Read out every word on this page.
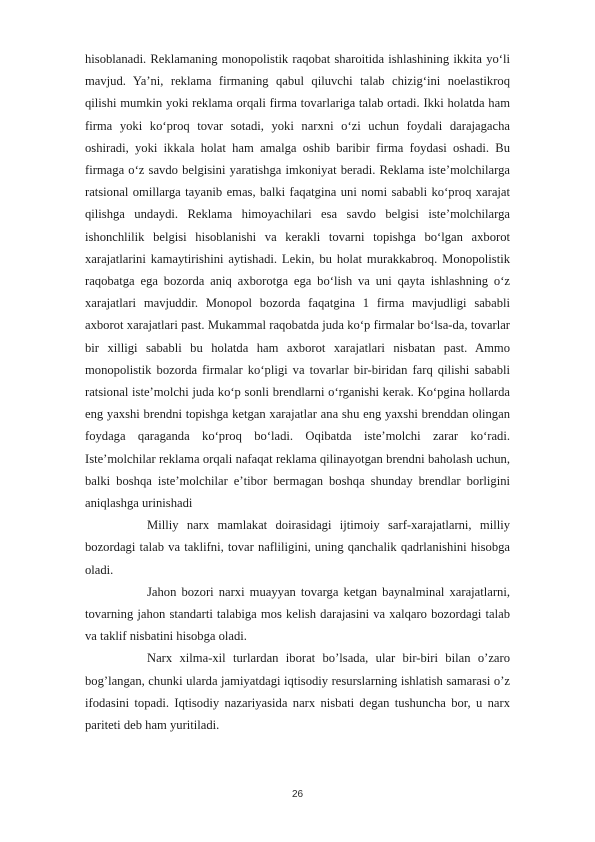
hisoblanadi. Reklamaning monopolistik raqobat sharoitida ishlashining ikkita yoʻli mavjud. Yaʼni, reklama firmaning qabul qiluvchi talab chizigʻini noelastikroq qilishi mumkin yoki reklama orqali firma tovarlariga talab ortadi. Ikki holatda ham firma yoki koʻproq tovar sotadi, yoki narxni oʻzi uchun foydali darajagacha oshiradi, yoki ikkala holat ham amalga oshib baribir firma foydasi oshadi. Bu firmaga oʻz savdo belgisini yaratishga imkoniyat beradi. Reklama isteʼmolchilarga ratsional omillarga tayanib emas, balki faqatgina uni nomi sababli koʻproq xarajat qilishga undaydi. Reklama himoyachilari esa savdo belgisi isteʼmolchilarga ishonchlilik belgisi hisoblanishi va kerakli tovarni topishga boʻlgan axborot xarajatlarini kamaytirishini aytishadi. Lekin, bu holat murakkabroq. Monopolistik raqobatga ega bozorda aniq axborotga ega boʻlish va uni qayta ishlashning oʻz xarajatlari mavjuddir. Monopol bozorda faqatgina 1 firma mavjudligi sababli axborot xarajatlari past. Mukammal raqobatda juda koʻp firmalar boʻlsa-da, tovarlar bir xilligi sababli bu holatda ham axborot xarajatlari nisbatan past. Ammo monopolistik bozorda firmalar koʻpligi va tovarlar bir-biridan farq qilishi sababli ratsional isteʼmolchi juda koʻp sonli brendlarni oʻrganishi kerak. Koʻpgina hollarda eng yaxshi brendni topishga ketgan xarajatlar ana shu eng yaxshi brenddan olingan foydaga qaraganda koʻproq boʻladi. Oqibatda isteʼmolchi zarar koʻradi. Isteʼmolchilar reklama orqali nafaqat reklama qilinayotgan brendni baholash uchun, balki boshqa isteʼmolchilar eʼtibor bermagan boshqa shunday brendlar borligini aniqlashga urinishadi

Milliy narx mamlakat doirasidagi ijtimoiy sarf-xarajatlarni, milliy bozordagi talab va taklifni, tovar nafliligini, uning qanchalik qadrlanishini hisobga oladi.

Jahon bozori narxi muayyan tovarga ketgan baynalminal xarajatlarni, tovarning jahon standarti talabiga mos kelish darajasini va xalqaro bozordagi talab va taklif nisbatini hisobga oladi.

Narx xilma-xil turlardan iborat bo’lsada, ular bir-biri bilan o’zaro bog’langan, chunki ularda jamiyatdagi iqtisodiy resurslarning ishlatish samarasi o’z ifodasini topadi. Iqtisodiy nazariyasida narx nisbati degan tushuncha bor, u narx pariteti deb ham yuritiladi.

26
